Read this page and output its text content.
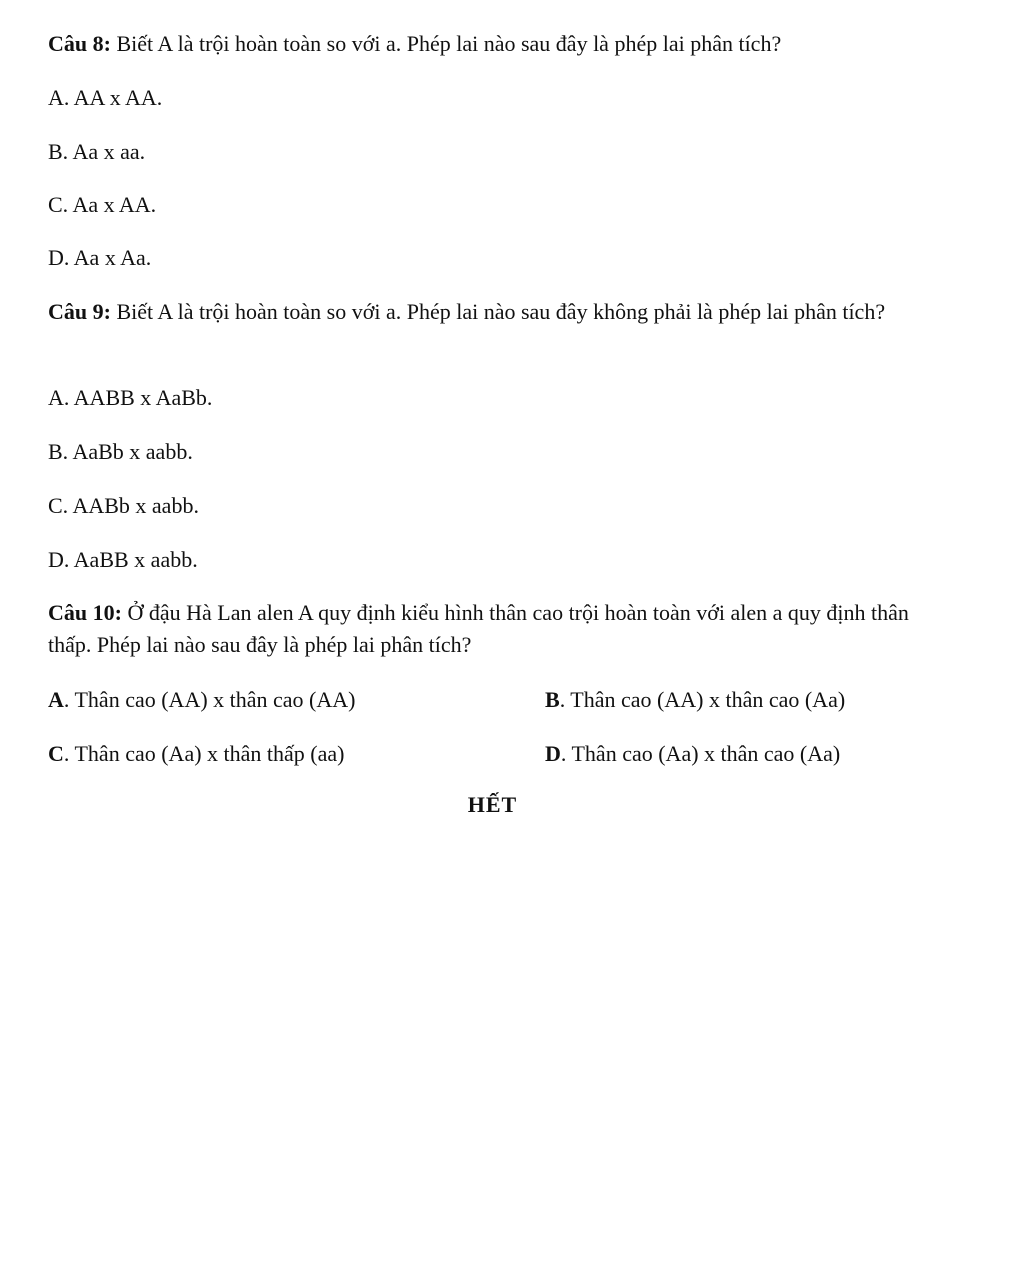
Câu 8: Biết A là trội hoàn toàn so với a. Phép lai nào sau đây là phép lai phân tích?
A. AA x AA.
B. Aa x aa.
C. Aa x AA.
D. Aa x Aa.
Câu 9: Biết A là trội hoàn toàn so với a. Phép lai nào sau đây không phải là phép lai phân tích?
A. AABB x AaBb.
B. AaBb x aabb.
C. AABb x aabb.
D. AaBB x aabb.
Câu 10: Ở đậu Hà Lan alen A quy định kiểu hình thân cao trội hoàn toàn với alen a quy định thân thấp. Phép lai nào sau đây là phép lai phân tích?
A. Thân cao (AA) x thân cao (AA)	B. Thân cao (AA) x thân cao (Aa)
C. Thân cao (Aa) x thân thấp (aa)	D. Thân cao (Aa) x thân cao (Aa)
HẾT
